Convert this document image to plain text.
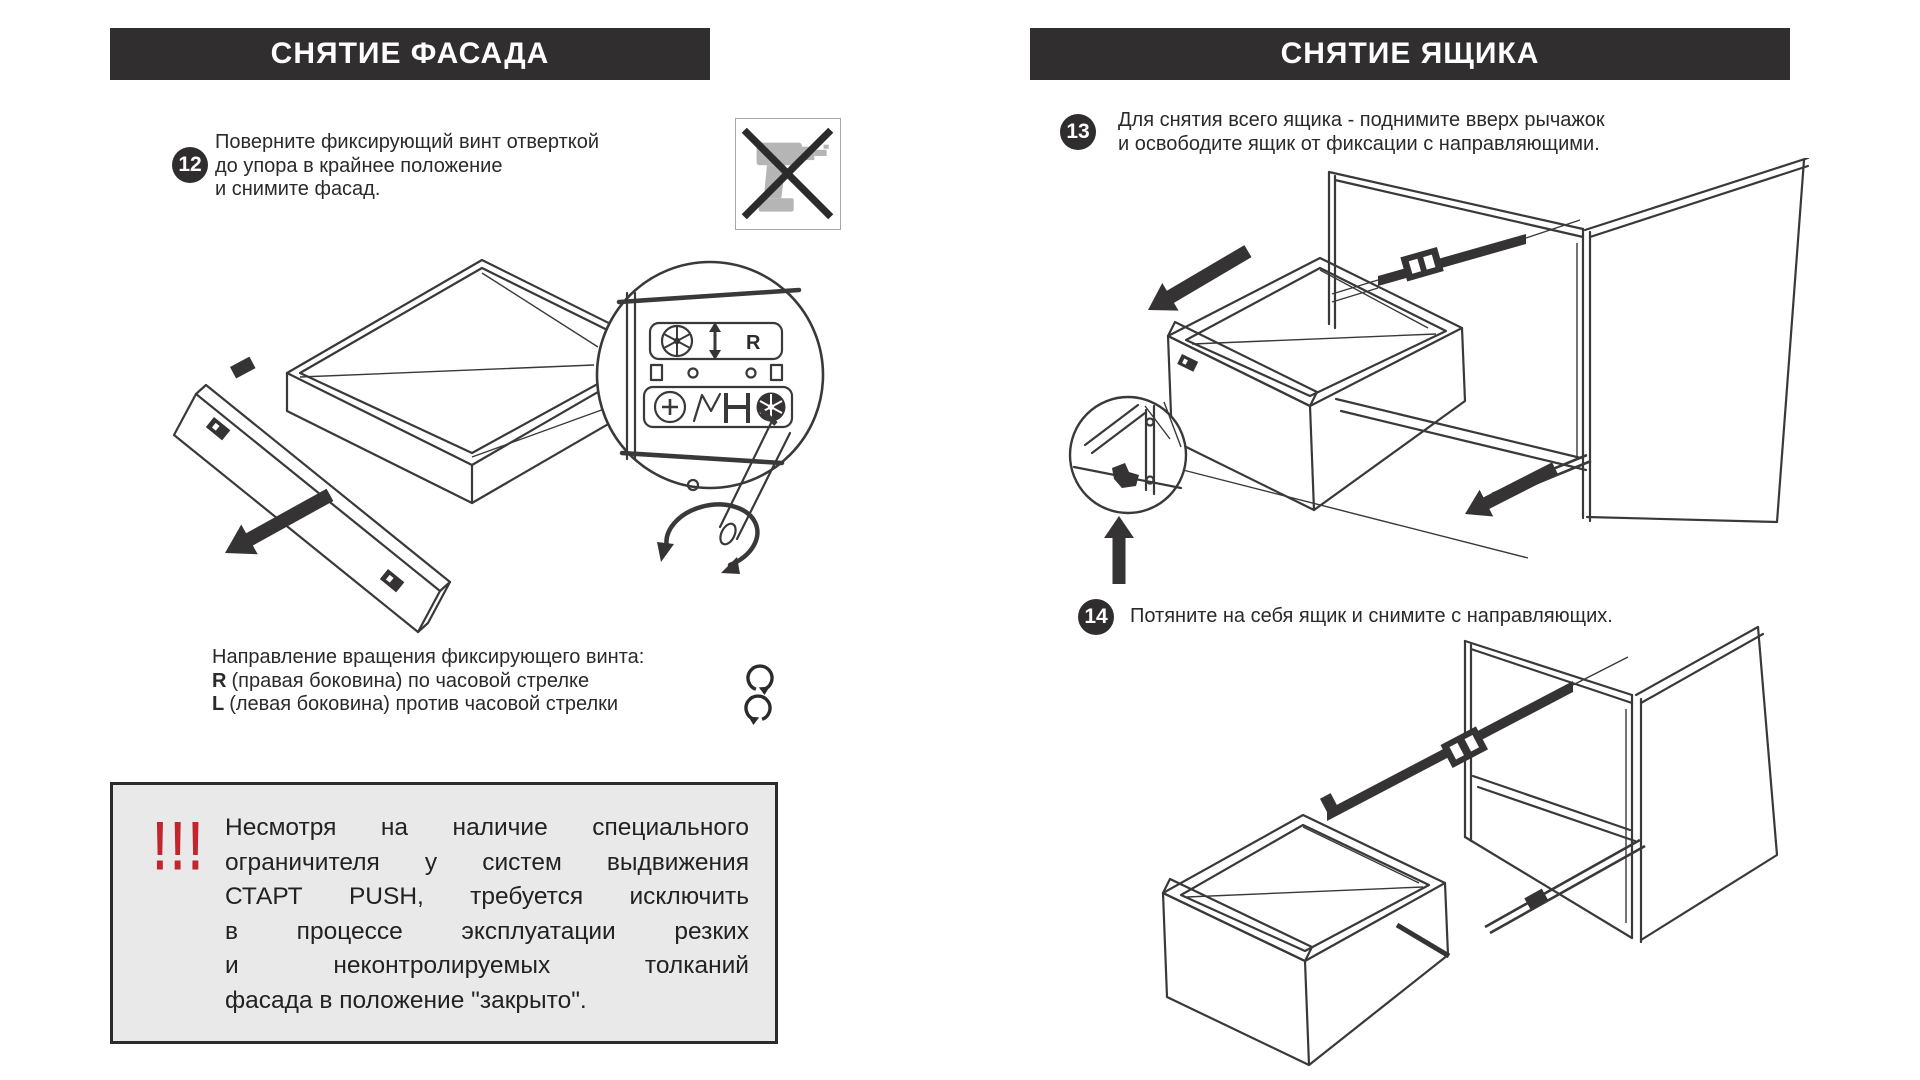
СНЯТИЕ ФАСАДА
12
Поверните фиксирующий винт отверткой
до упора в крайнее положение
и снимите фасад.
R
Направление вращения фиксирующего винта:
R (правая боковина) по часовой стрелке
L (левая боковина) против часовой стрелки
!!! Несмотря на наличие специального
ограничителя у систем выдвижения
СТАРТ PUSH, требуется исключить
в процессе эксплуатации резких
и неконтролируемых толканий
фасада в положение "закрыто".
СНЯТИЕ ЯЩИКА
13	Для снятия всего ящика - поднимите вверх рычажок
и освободите ящик от фиксации с направляющими.
14	Потяните на себя ящик и снимите с направляющих.
